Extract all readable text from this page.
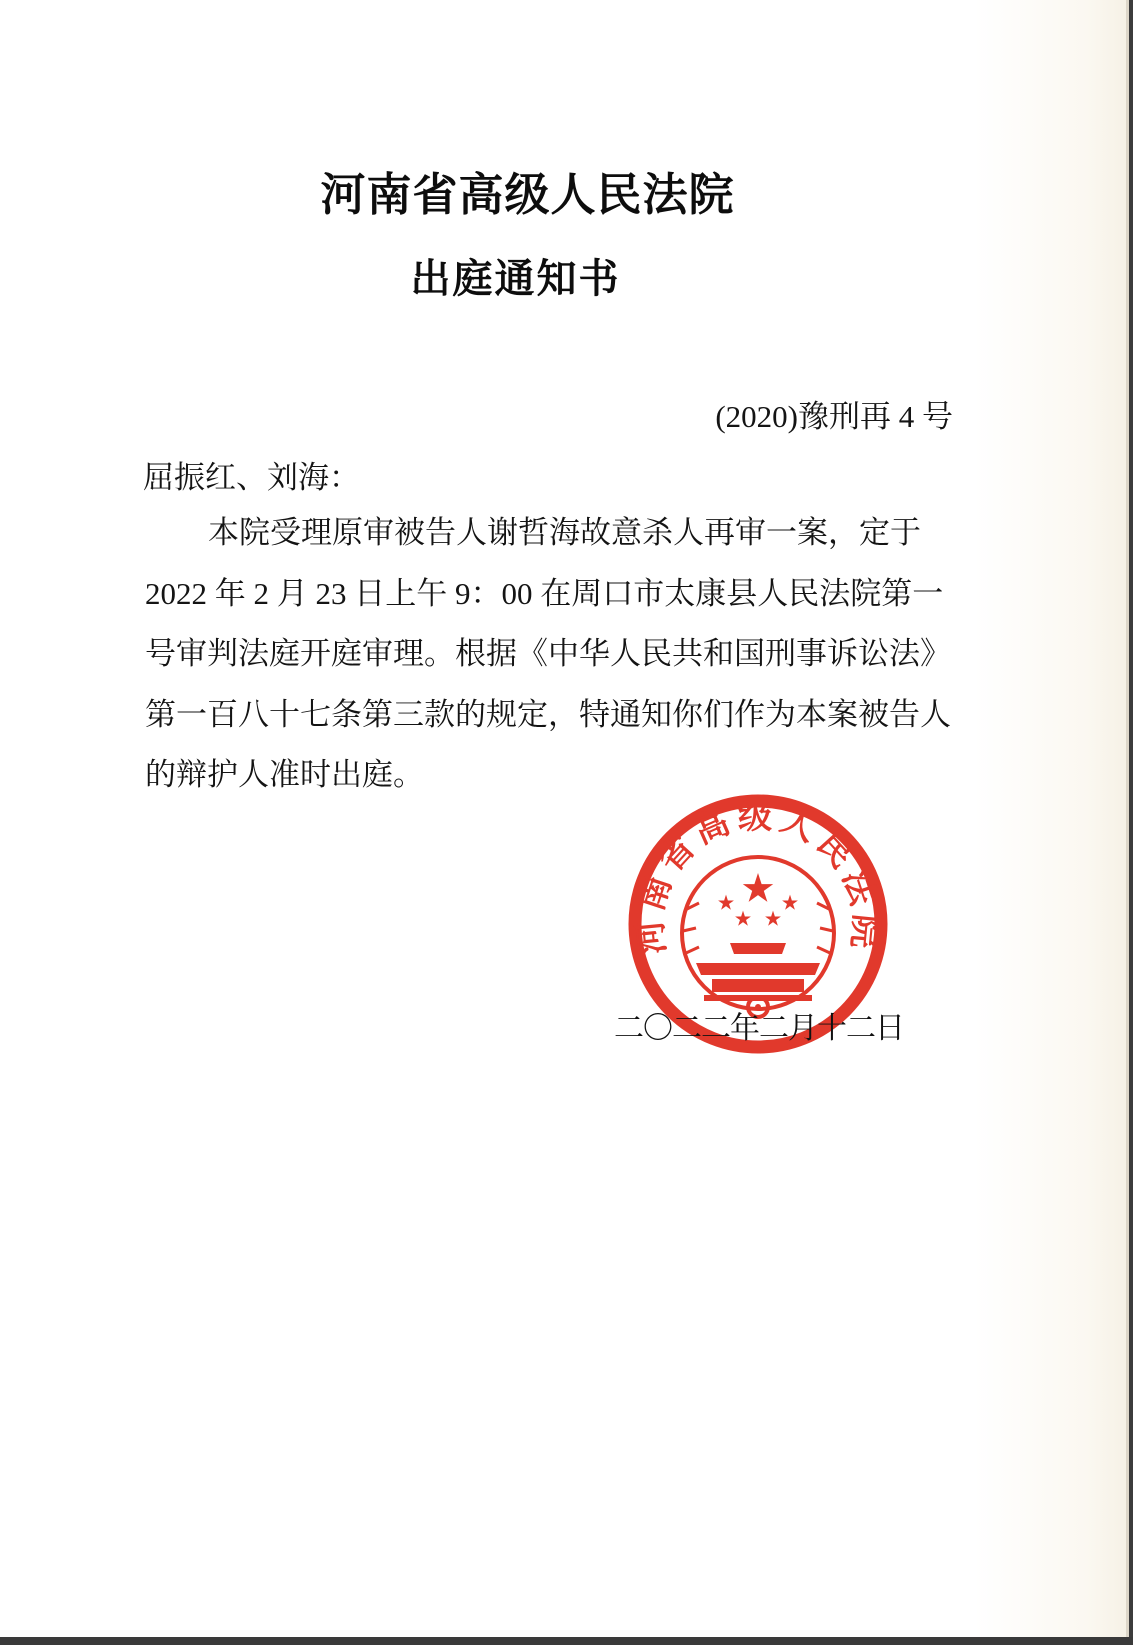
河南省高级人民法院
出庭通知书
(2020)豫刑再 4 号
屈振红、刘海：
本院受理原审被告人谢哲海故意杀人再审一案，定于
2022 年 2 月 23 日上午 9：00 在周口市太康县人民法院第一
号审判法庭开庭审理。根据《中华人民共和国刑事诉讼法》
第一百八十七条第三款的规定，特通知你们作为本案被告人
的辩护人准时出庭。
河南省高级人民法院
二〇二二年二月十二日
